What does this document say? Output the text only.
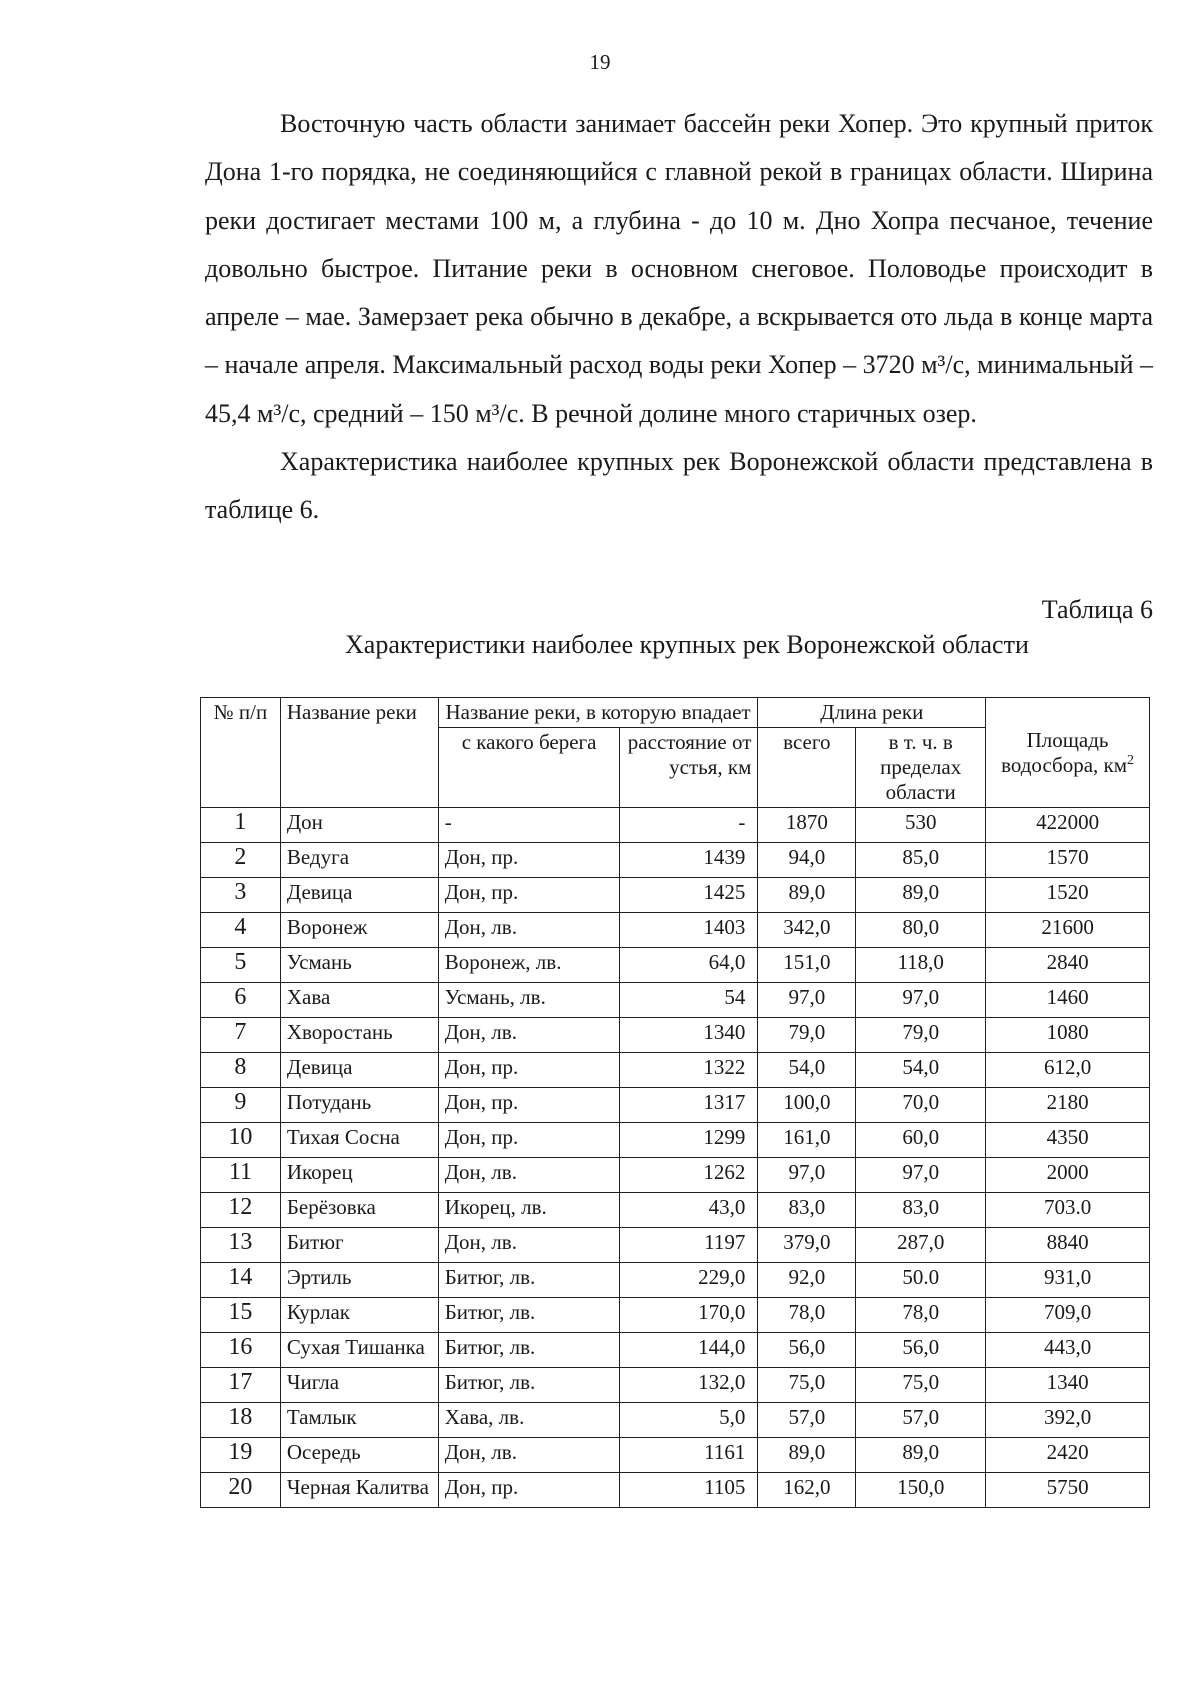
19

Восточную часть области занимает бассейн реки Хопер. Это крупный приток Дона 1-го порядка, не соединяющийся с главной рекой в границах области. Ширина реки достигает местами 100 м, а глубина - до 10 м. Дно Хопра песчаное, течение довольно быстрое. Питание реки в основном снеговое. Половодье происходит в апреле – мае. Замерзает река обычно в декабре, а вскрывается ото льда в конце марта – начале апреля. Максимальный расход воды реки Хопер – 3720 м³/с, минимальный – 45,4 м³/с, средний – 150 м³/с. В речной долине много старичных озер.

Характеристика наиболее крупных рек Воронежской области представлена в таблице 6.

Таблица 6
Характеристики наиболее крупных рек Воронежской области
№ п/п	Название реки	Название реки, в которую впадает		Длина реки		Площадь водосбора, $км^2$
		с какого берега	расстояние от устья, км	всего	в т. ч. в пределах области	
1	Дон	-	-	1870	530	422000
2	Ведуга	Дон, пр.	1439	94,0	85,0	1570
3	Девица	Дон, пр.	1425	89,0	89,0	1520
4	Воронеж	Дон, лв.	1403	342,0	80,0	21600
5	Усмань	Воронеж, лв.	64,0	151,0	118,0	2840
6	Хава	Усмань, лв.	54	97,0	97,0	1460
7	Хворостань	Дон, лв.	1340	79,0	79,0	1080
8	Девица	Дон, пр.	1322	54,0	54,0	612,0
9	Потудань	Дон, пр.	1317	100,0	70,0	2180
10	Тихая Сосна	Дон, пр.	1299	161,0	60,0	4350
11	Икорец	Дон, лв.	1262	97,0	97,0	2000
12	Берёзовка	Икорец, лв.	43,0	83,0	83,0	703.0
13	Битюг	Дон, лв.	1197	379,0	287,0	8840
14	Эртиль	Битюг, лв.	229,0	92,0	50.0	931,0
15	Курлак	Битюг, лв.	170,0	78,0	78,0	709,0
16	Сухая Тишанка	Битюг, лв.	144,0	56,0	56,0	443,0
17	Чигла	Битюг, лв.	132,0	75,0	75,0	1340
18	Тамлык	Хава, лв.	5,0	57,0	57,0	392,0
19	Осередь	Дон, лв.	1161	89,0	89,0	2420
20	Черная Калитва	Дон, пр.	1105	162,0	150,0	5750
